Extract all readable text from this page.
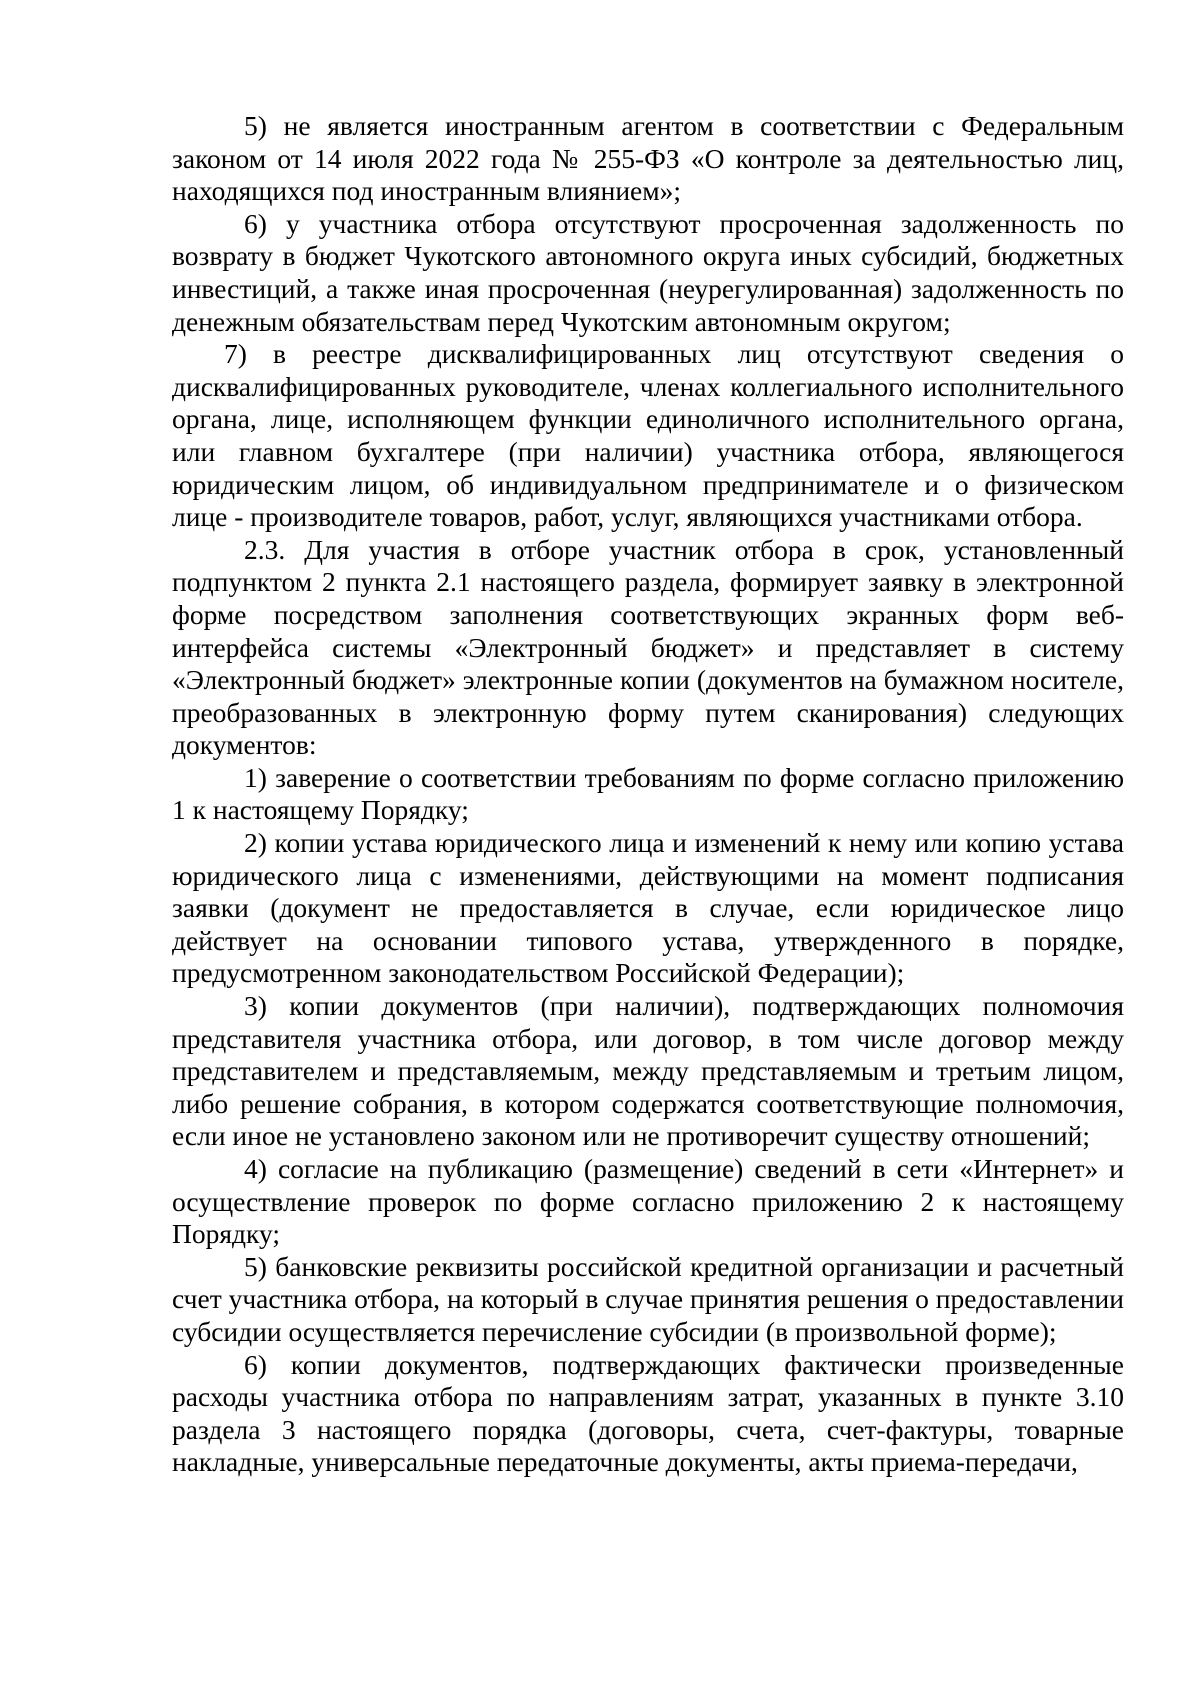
5) не является иностранным агентом в соответствии с Федеральным законом от 14 июля 2022 года № 255-ФЗ «О контроле за деятельностью лиц, находящихся под иностранным влиянием»;

6) у участника отбора отсутствуют просроченная задолженность по возврату в бюджет Чукотского автономного округа иных субсидий, бюджетных инвестиций, а также иная просроченная (неурегулированная) задолженность по денежным обязательствам перед Чукотским автономным округом;

7) в реестре дисквалифицированных лиц отсутствуют сведения о дисквалифицированных руководителе, членах коллегиального исполнительного органа, лице, исполняющем функции единоличного исполнительного органа, или главном бухгалтере (при наличии) участника отбора, являющегося юридическим лицом, об индивидуальном предпринимателе и о физическом лице - производителе товаров, работ, услуг, являющихся участниками отбора.

2.3. Для участия в отборе участник отбора в срок, установленный подпунктом 2 пункта 2.1 настоящего раздела, формирует заявку в электронной форме посредством заполнения соответствующих экранных форм веб-интерфейса системы «Электронный бюджет» и представляет в систему «Электронный бюджет» электронные копии (документов на бумажном носителе, преобразованных в электронную форму путем сканирования) следующих документов:

1) заверение о соответствии требованиям по форме согласно приложению 1 к настоящему Порядку;

2) копии устава юридического лица и изменений к нему или копию устава юридического лица с изменениями, действующими на момент подписания заявки (документ не предоставляется в случае, если юридическое лицо действует на основании типового устава, утвержденного в порядке, предусмотренном законодательством Российской Федерации);

3) копии документов (при наличии), подтверждающих полномочия представителя участника отбора, или договор, в том числе договор между представителем и представляемым, между представляемым и третьим лицом, либо решение собрания, в котором содержатся соответствующие полномочия, если иное не установлено законом или не противоречит существу отношений;

4) согласие на публикацию (размещение) сведений в сети «Интернет» и осуществление проверок по форме согласно приложению 2 к настоящему Порядку;

5) банковские реквизиты российской кредитной организации и расчетный счет участника отбора, на который в случае принятия решения о предоставлении субсидии осуществляется перечисление субсидии (в произвольной форме);

6) копии документов, подтверждающих фактически произведенные расходы участника отбора по направлениям затрат, указанных в пункте 3.10 раздела 3 настоящего порядка (договоры, счета, счет-фактуры, товарные накладные, универсальные передаточные документы, акты приема-передачи,
